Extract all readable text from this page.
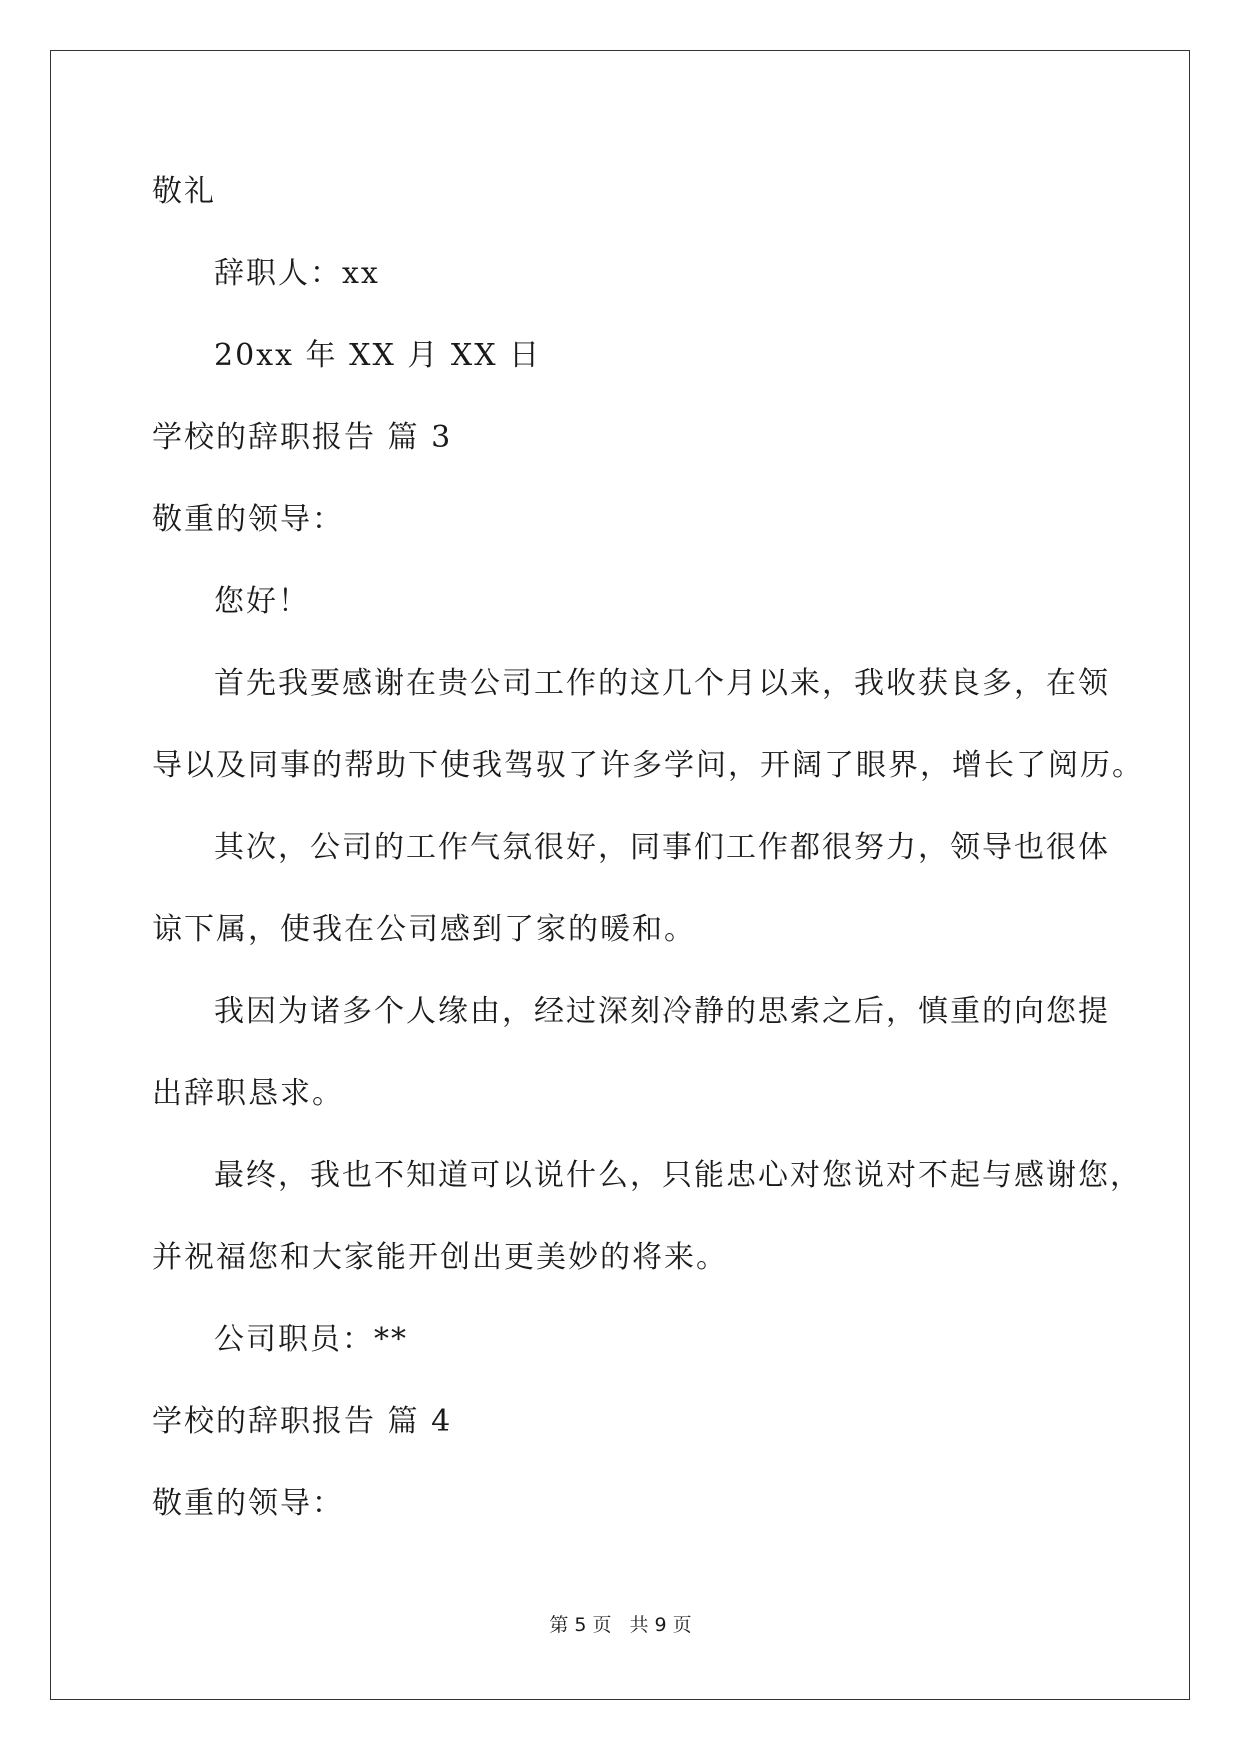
敬礼
辞职人：xx
20xx 年 XX 月 XX 日
学校的辞职报告 篇 3
敬重的领导：
您好！
首先我要感谢在贵公司工作的这几个月以来，我收获良多，在领
导以及同事的帮助下使我驾驭了许多学问，开阔了眼界，增长了阅历。
其次，公司的工作气氛很好，同事们工作都很努力，领导也很体
谅下属，使我在公司感到了家的暖和。
我因为诸多个人缘由，经过深刻冷静的思索之后，慎重的向您提
出辞职恳求。
最终，我也不知道可以说什么，只能忠心对您说对不起与感谢您，
并祝福您和大家能开创出更美妙的将来。
公司职员：**
学校的辞职报告 篇 4
敬重的领导：
第 5 页 共 9 页
